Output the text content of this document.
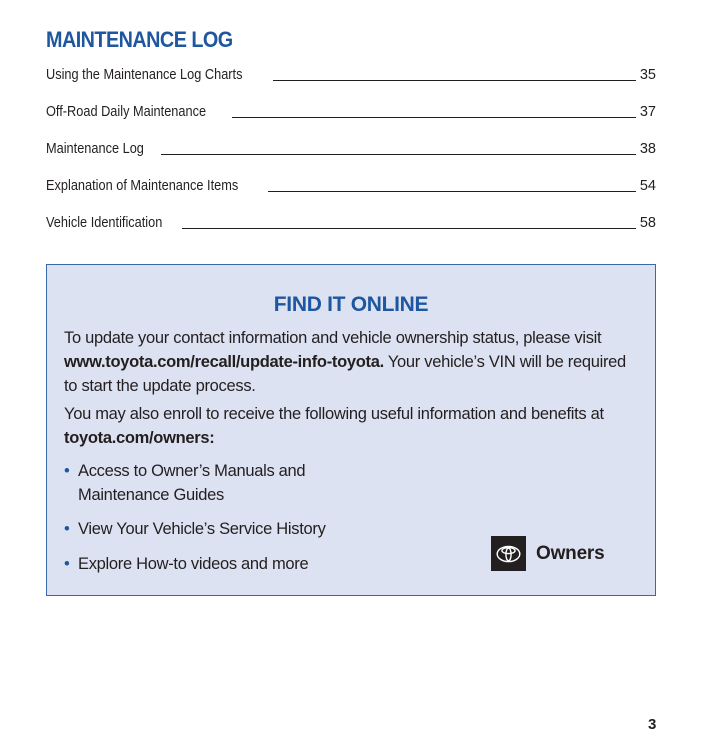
MAINTENANCE LOG
Using the Maintenance Log Charts	35
Off-Road Daily Maintenance	37
Maintenance Log	38
Explanation of Maintenance Items	54
Vehicle Identification	58
FIND IT ONLINE
To update your contact information and vehicle ownership status, please visit www.toyota.com/recall/update-info-toyota. Your vehicle’s VIN will be required to start the update process.
You may also enroll to receive the following useful information and benefits at toyota.com/owners:
• Access to Owner’s Manuals and Maintenance Guides
• View Your Vehicle’s Service History
• Explore How-to videos and more
Owners
3
